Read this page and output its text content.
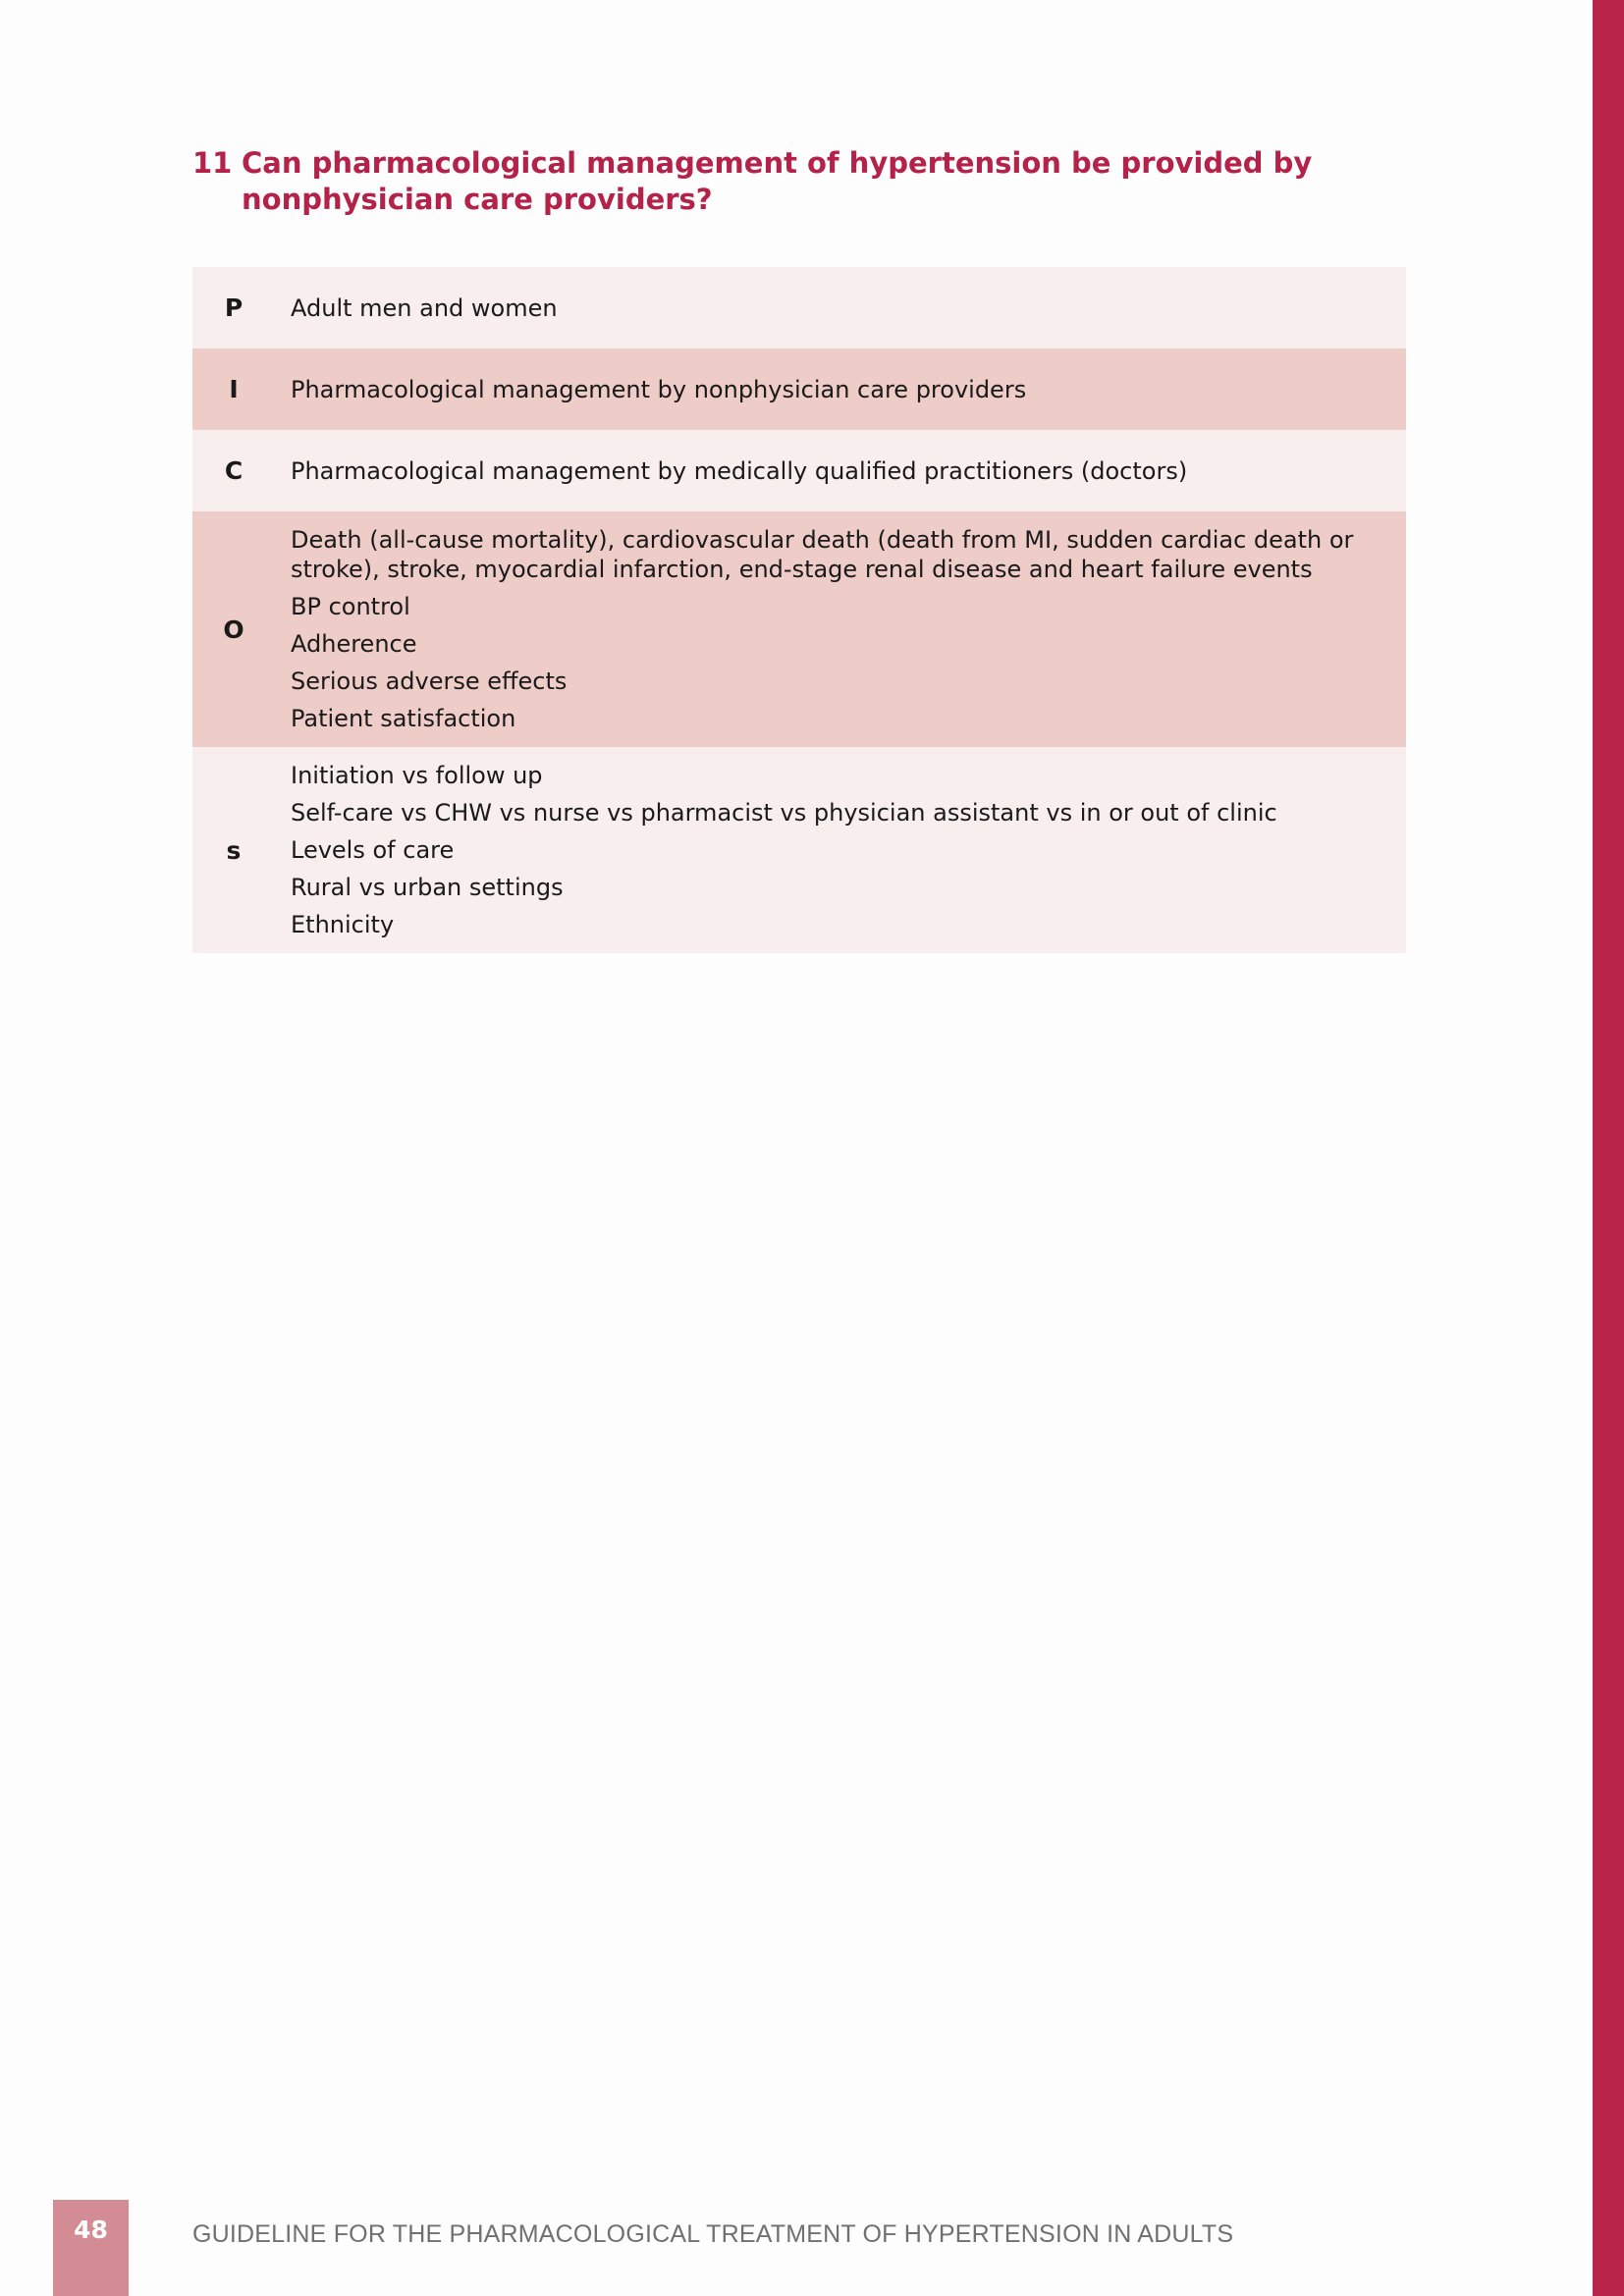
11 Can pharmacological management of hypertension be provided by nonphysician care providers?
P	Adult men and women

I	Pharmacological management by nonphysician care providers

C	Pharmacological management by medically qualified practitioners (doctors)

O	Death (all-cause mortality), cardiovascular death (death from MI, sudden cardiac death or stroke), stroke, myocardial infarction, end-stage renal disease and heart failure events
BP control
Adherence
Serious adverse effects
Patient satisfaction

s	Initiation vs follow up
Self-care vs CHW vs nurse vs pharmacist vs physician assistant vs in or out of clinic
Levels of care
Rural vs urban settings
Ethnicity
48	GUIDELINE FOR THE PHARMACOLOGICAL TREATMENT OF HYPERTENSION IN ADULTS
